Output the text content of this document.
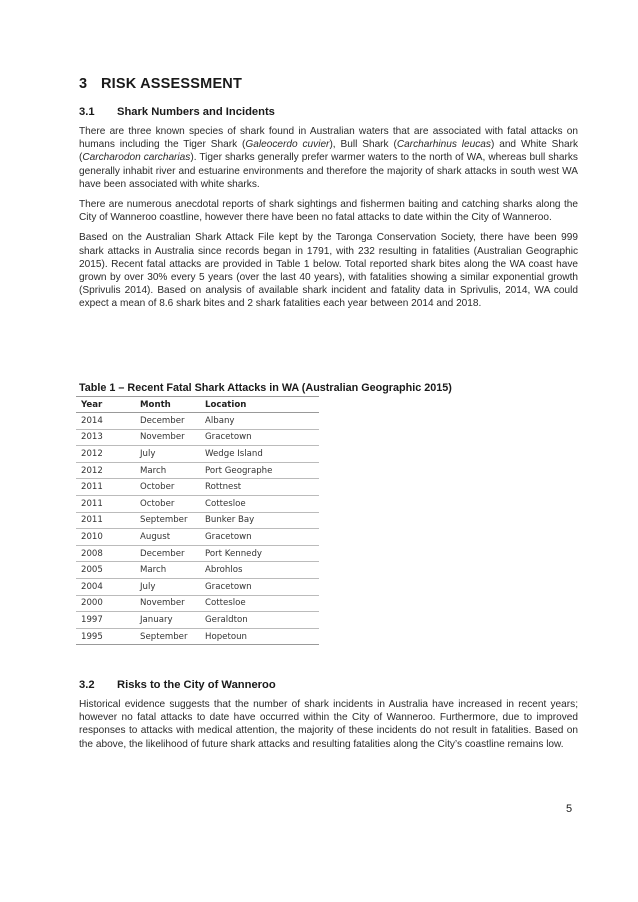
3 RISK ASSESSMENT
3.1 Shark Numbers and Incidents

There are three known species of shark found in Australian waters that are associated with fatal attacks on humans including the Tiger Shark (Galeocerdo cuvier), Bull Shark (Carcharhinus leucas) and White Shark (Carcharodon carcharias). Tiger sharks generally prefer warmer waters to the north of WA, whereas bull sharks generally inhabit river and estuarine environments and therefore the majority of shark attacks in south west WA have been associated with white sharks.

There are numerous anecdotal reports of shark sightings and fishermen baiting and catching sharks along the City of Wanneroo coastline, however there have been no fatal attacks to date within the City of Wanneroo.

Based on the Australian Shark Attack File kept by the Taronga Conservation Society, there have been 999 shark attacks in Australia since records began in 1791, with 232 resulting in fatalities (Australian Geographic 2015). Recent fatal attacks are provided in Table 1 below. Total reported shark bites along the WA coast have grown by over 30% every 5 years (over the last 40 years), with fatalities showing a similar exponential growth (Sprivulis 2014). Based on analysis of available shark incident and fatality data in Sprivulis, 2014, WA could expect a mean of 8.6 shark bites and 2 shark fatalities each year between 2014 and 2018.

Table 1 – Recent Fatal Shark Attacks in WA (Australian Geographic 2015)
Year	Month	Location
2014	December	Albany
2013	November	Gracetown
2012	July	Wedge Island
2012	March	Port Geographe
2011	October	Rottnest
2011	October	Cottesloe
2011	September	Bunker Bay
2010	August	Gracetown
2008	December	Port Kennedy
2005	March	Abrohlos
2004	July	Gracetown
2000	November	Cottesloe
1997	January	Geraldton
1995	September	Hopetoun
3.2 Risks to the City of Wanneroo

Historical evidence suggests that the number of shark incidents in Australia have increased in recent years; however no fatal attacks to date have occurred within the City of Wanneroo. Furthermore, due to improved responses to attacks with medical attention, the majority of these incidents do not result in fatalities. Based on the above, the likelihood of future shark attacks and resulting fatalities along the City’s coastline remains low.

5
